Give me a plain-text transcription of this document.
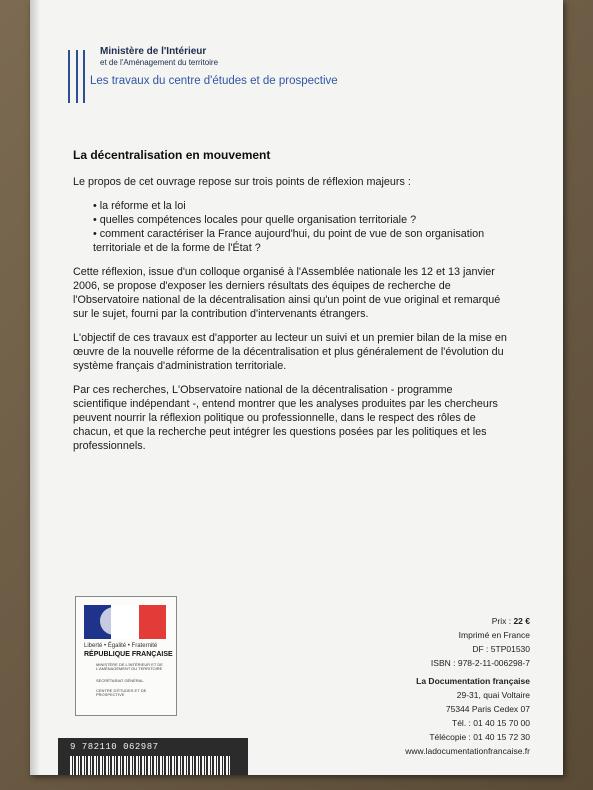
Ministère de l'Intérieur
et de l'Aménagement du territoire
Les travaux du centre d'études et de prospective
La décentralisation en mouvement

Le propos de cet ouvrage repose sur trois points de réflexion majeurs :

• la réforme et la loi
• quelles compétences locales pour quelle organisation territoriale ?
• comment caractériser la France aujourd'hui, du point de vue de son organisation territoriale et de la forme de l'État ?

Cette réflexion, issue d'un colloque organisé à l'Assemblée nationale les 12 et 13 janvier 2006, se propose d'exposer les derniers résultats des équipes de recherche de l'Observatoire national de la décentralisation ainsi qu'un point de vue original et remarqué sur le sujet, fourni par la contribution d'intervenants étrangers.

L'objectif de ces travaux est d'apporter au lecteur un suivi et un premier bilan de la mise en œuvre de la nouvelle réforme de la décentralisation et plus généralement de l'évolution du système français d'administration territoriale.

Par ces recherches, L'Observatoire national de la décentralisation - programme scientifique indépendant -, entend montrer que les analyses produites par les chercheurs peuvent nourrir la réflexion politique ou professionnelle, dans le respect des rôles de chacun, et que la recherche peut intégrer les questions posées par les politiques et les professionnels.

Liberté • Égalité • Fraternité
RÉPUBLIQUE FRANÇAISE
MINISTÈRE DE L'INTÉRIEUR ET DE L'AMÉNAGEMENT DU TERRITOIRE
SECRÉTARIAT GÉNÉRAL
CENTRE D'ÉTUDES ET DE PROSPECTIVE
Prix : 22 €
Imprimé en France
DF : 5TP01530
ISBN : 978-2-11-006298-7
La Documentation française
29-31, quai Voltaire
75344 Paris Cedex 07
Tél. : 01 40 15 70 00
Télécopie : 01 40 15 72 30
www.ladocumentationfrancaise.fr
9 782110 062987
